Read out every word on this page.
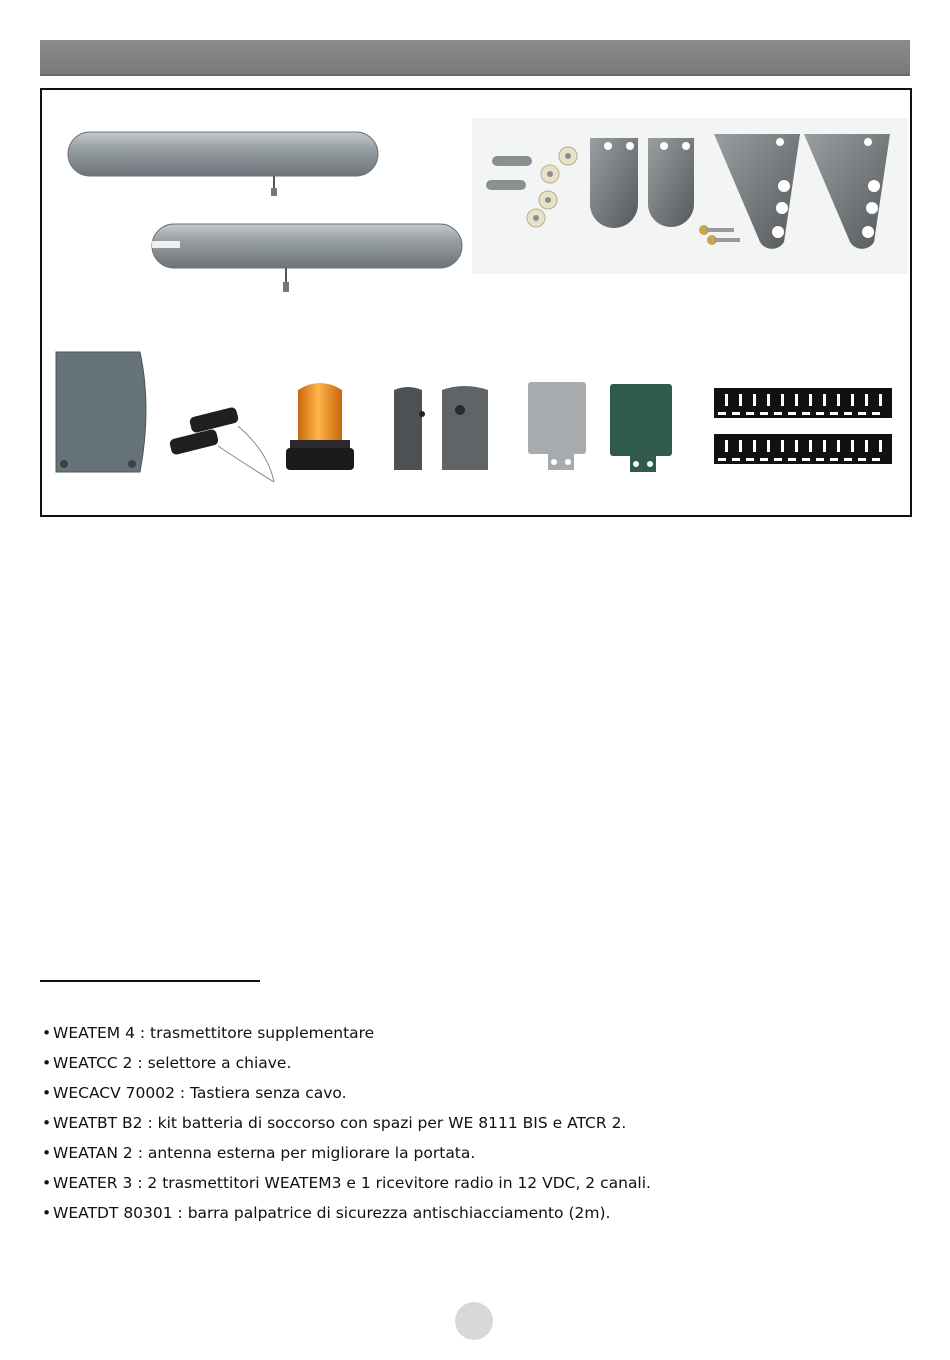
• WEATEM 4 : trasmettitore supplementare
• WEATCC 2 : selettore a chiave.
• WECACV 70002 : Tastiera senza cavo.
• WEATBT B2 : kit batteria di soccorso con spazi per WE 8111 BIS e ATCR 2.
• WEATAN 2 : antenna esterna per migliorare la portata.
• WEATER 3 : 2 trasmettitori WEATEM3 e 1 ricevitore radio in 12 VDC, 2 canali.
• WEATDT 80301 : barra palpatrice di sicurezza antischiacciamento (2m).
